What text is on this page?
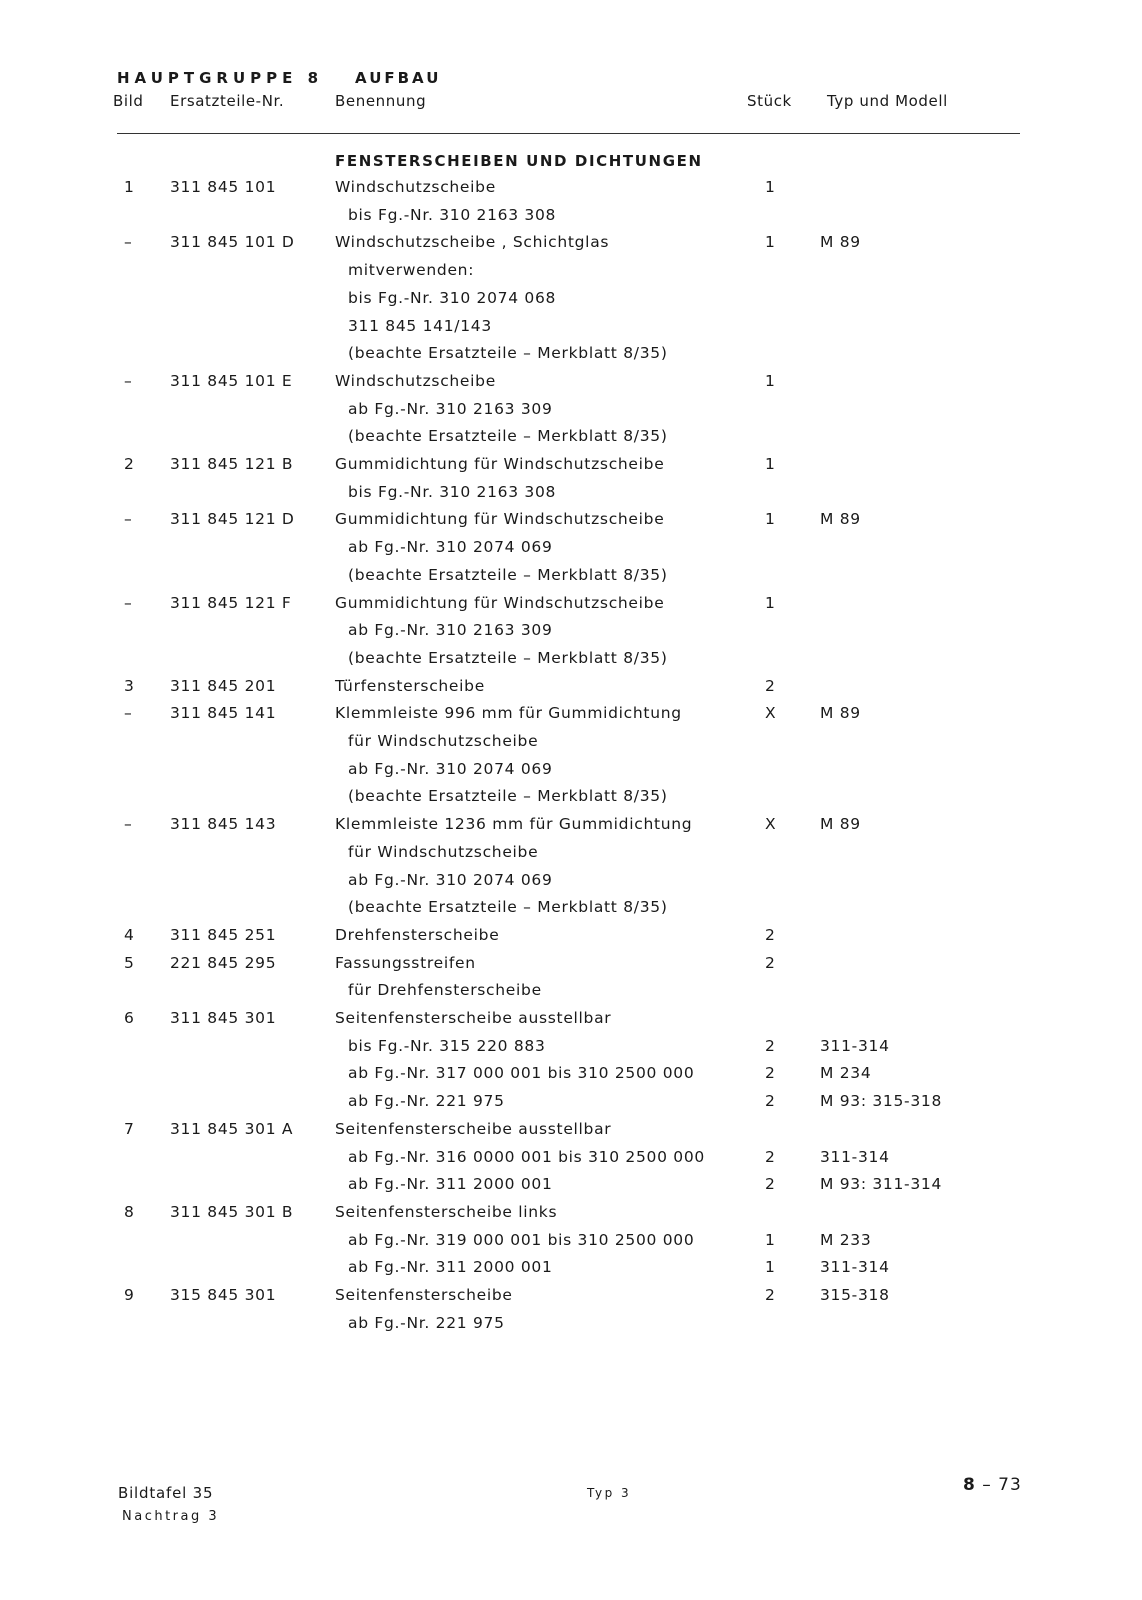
HAUPTGRUPPE 8 AUFBAU
Bild Ersatzteile-Nr.	Benennung	Stück Typ und Modell
FENSTERSCHEIBEN UND DICHTUNGEN
1 311 845 101	Windschutzscheibe	1
bis Fg.-Nr. 310 2163 308
– 311 845 101 D	Windschutzscheibe , Schichtglas	1	M 89
mitverwenden:
bis Fg.-Nr. 310 2074 068
311 845 141/143
(beachte Ersatzteile – Merkblatt 8/35)
– 311 845 101 E	Windschutzscheibe	1
ab Fg.-Nr. 310 2163 309
(beachte Ersatzteile – Merkblatt 8/35)
2 311 845 121 B	Gummidichtung für Windschutzscheibe	1
bis Fg.-Nr. 310 2163 308
– 311 845 121 D	Gummidichtung für Windschutzscheibe	1	M 89
ab Fg.-Nr. 310 2074 069
(beachte Ersatzteile – Merkblatt 8/35)
– 311 845 121 F	Gummidichtung für Windschutzscheibe	1
ab Fg.-Nr. 310 2163 309
(beachte Ersatzteile – Merkblatt 8/35)
3 311 845 201	Türfensterscheibe	2
– 311 845 141	Klemmleiste 996 mm für Gummidichtung	X	M 89
für Windschutzscheibe
ab Fg.-Nr. 310 2074 069
(beachte Ersatzteile – Merkblatt 8/35)
– 311 845 143	Klemmleiste 1236 mm für Gummidichtung	X	M 89
für Windschutzscheibe
ab Fg.-Nr. 310 2074 069
(beachte Ersatzteile – Merkblatt 8/35)
4 311 845 251	Drehfensterscheibe	2
5 221 845 295	Fassungsstreifen	2
für Drehfensterscheibe
6 311 845 301	Seitenfensterscheibe ausstellbar
bis Fg.-Nr. 315 220 883	2	311-314
ab Fg.-Nr. 317 000 001 bis 310 2500 000	2	M 234
ab Fg.-Nr. 221 975	2	M 93: 315-318
7 311 845 301 A	Seitenfensterscheibe ausstellbar
ab Fg.-Nr. 316 0000 001 bis 310 2500 000	2	311-314
ab Fg.-Nr. 311 2000 001	2	M 93: 311-314
8 311 845 301 B	Seitenfensterscheibe links
ab Fg.-Nr. 319 000 001 bis 310 2500 000	1	M 233
ab Fg.-Nr. 311 2000 001	1	311-314
9 315 845 301	Seitenfensterscheibe	2	315-318
ab Fg.-Nr. 221 975
Bildtafel 35
Nachtrag 3
Typ 3	8 – 73
